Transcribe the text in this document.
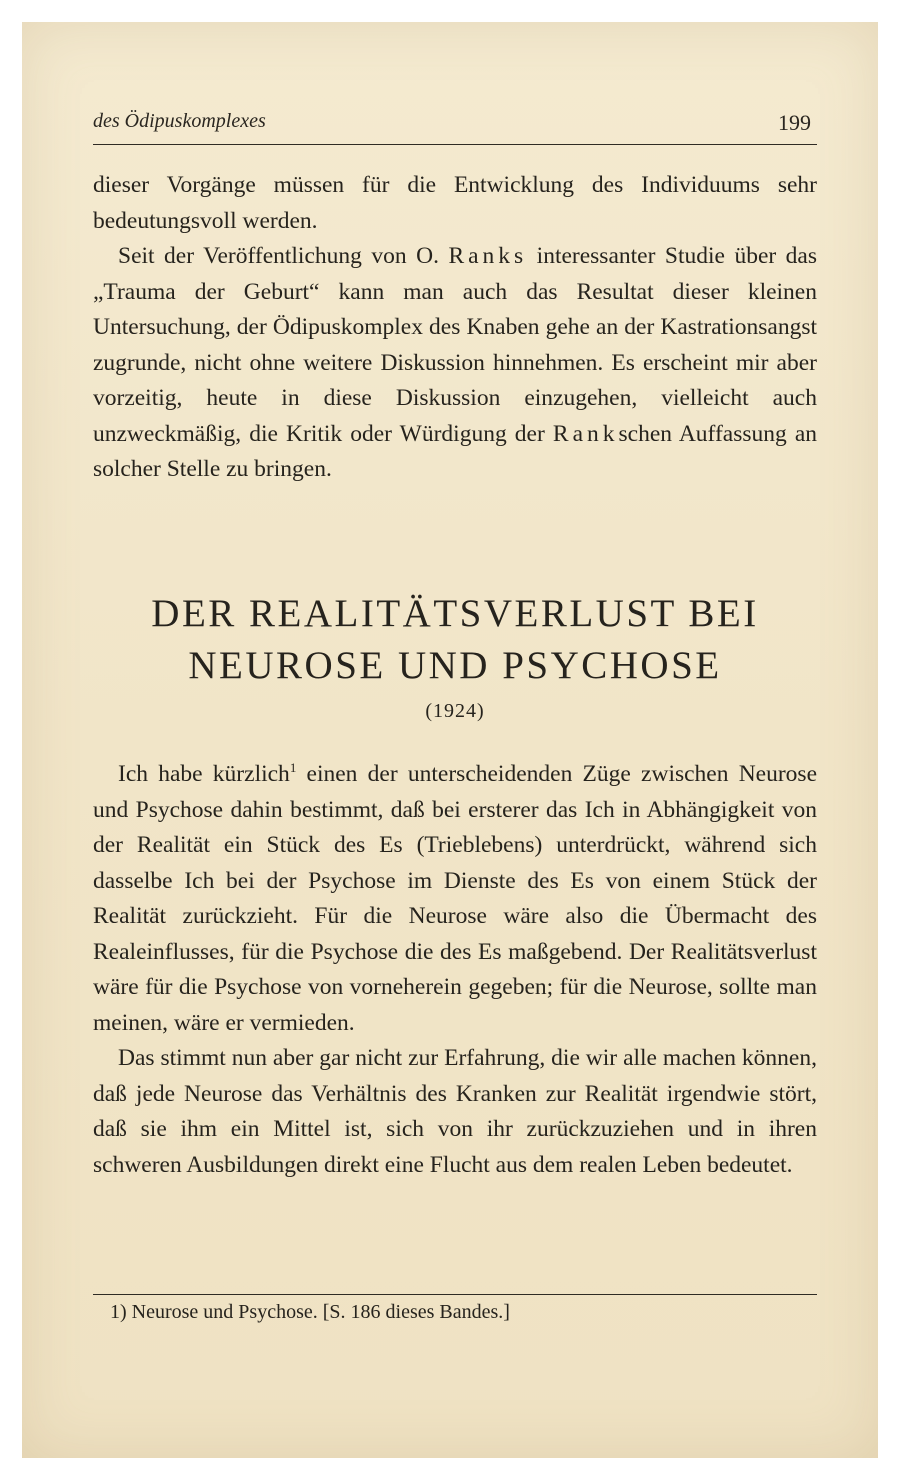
des Ödipuskomplexes	199

dieser Vorgänge müssen für die Entwicklung des Individuums sehr bedeutungsvoll werden.

Seit der Veröffentlichung von O. Ranks interessanter Studie über das „Trauma der Geburt“ kann man auch das Resultat dieser kleinen Untersuchung, der Ödipuskomplex des Knaben gehe an der Kastrationsangst zugrunde, nicht ohne weitere Diskussion hinnehmen. Es erscheint mir aber vorzeitig, heute in diese Diskussion einzugehen, vielleicht auch unzweckmäßig, die Kritik oder Würdigung der Rankschen Auffassung an solcher Stelle zu bringen.

DER REALITÄTSVERLUST BEI
NEUROSE UND PSYCHOSE
(1924)

Ich habe kürzlich$^1$ einen der unterscheidenden Züge zwischen Neurose und Psychose dahin bestimmt, daß bei ersterer das Ich in Abhängigkeit von der Realität ein Stück des Es (Trieblebens) unterdrückt, während sich dasselbe Ich bei der Psychose im Dienste des Es von einem Stück der Realität zurückzieht. Für die Neurose wäre also die Übermacht des Realeinflusses, für die Psychose die des Es maßgebend. Der Realitätsverlust wäre für die Psychose von vorneherein gegeben; für die Neurose, sollte man meinen, wäre er vermieden.

Das stimmt nun aber gar nicht zur Erfahrung, die wir alle machen können, daß jede Neurose das Verhältnis des Kranken zur Realität irgendwie stört, daß sie ihm ein Mittel ist, sich von ihr zurückzuziehen und in ihren schweren Ausbildungen direkt eine Flucht aus dem realen Leben bedeutet.

1) Neurose und Psychose. [S. 186 dieses Bandes.]
